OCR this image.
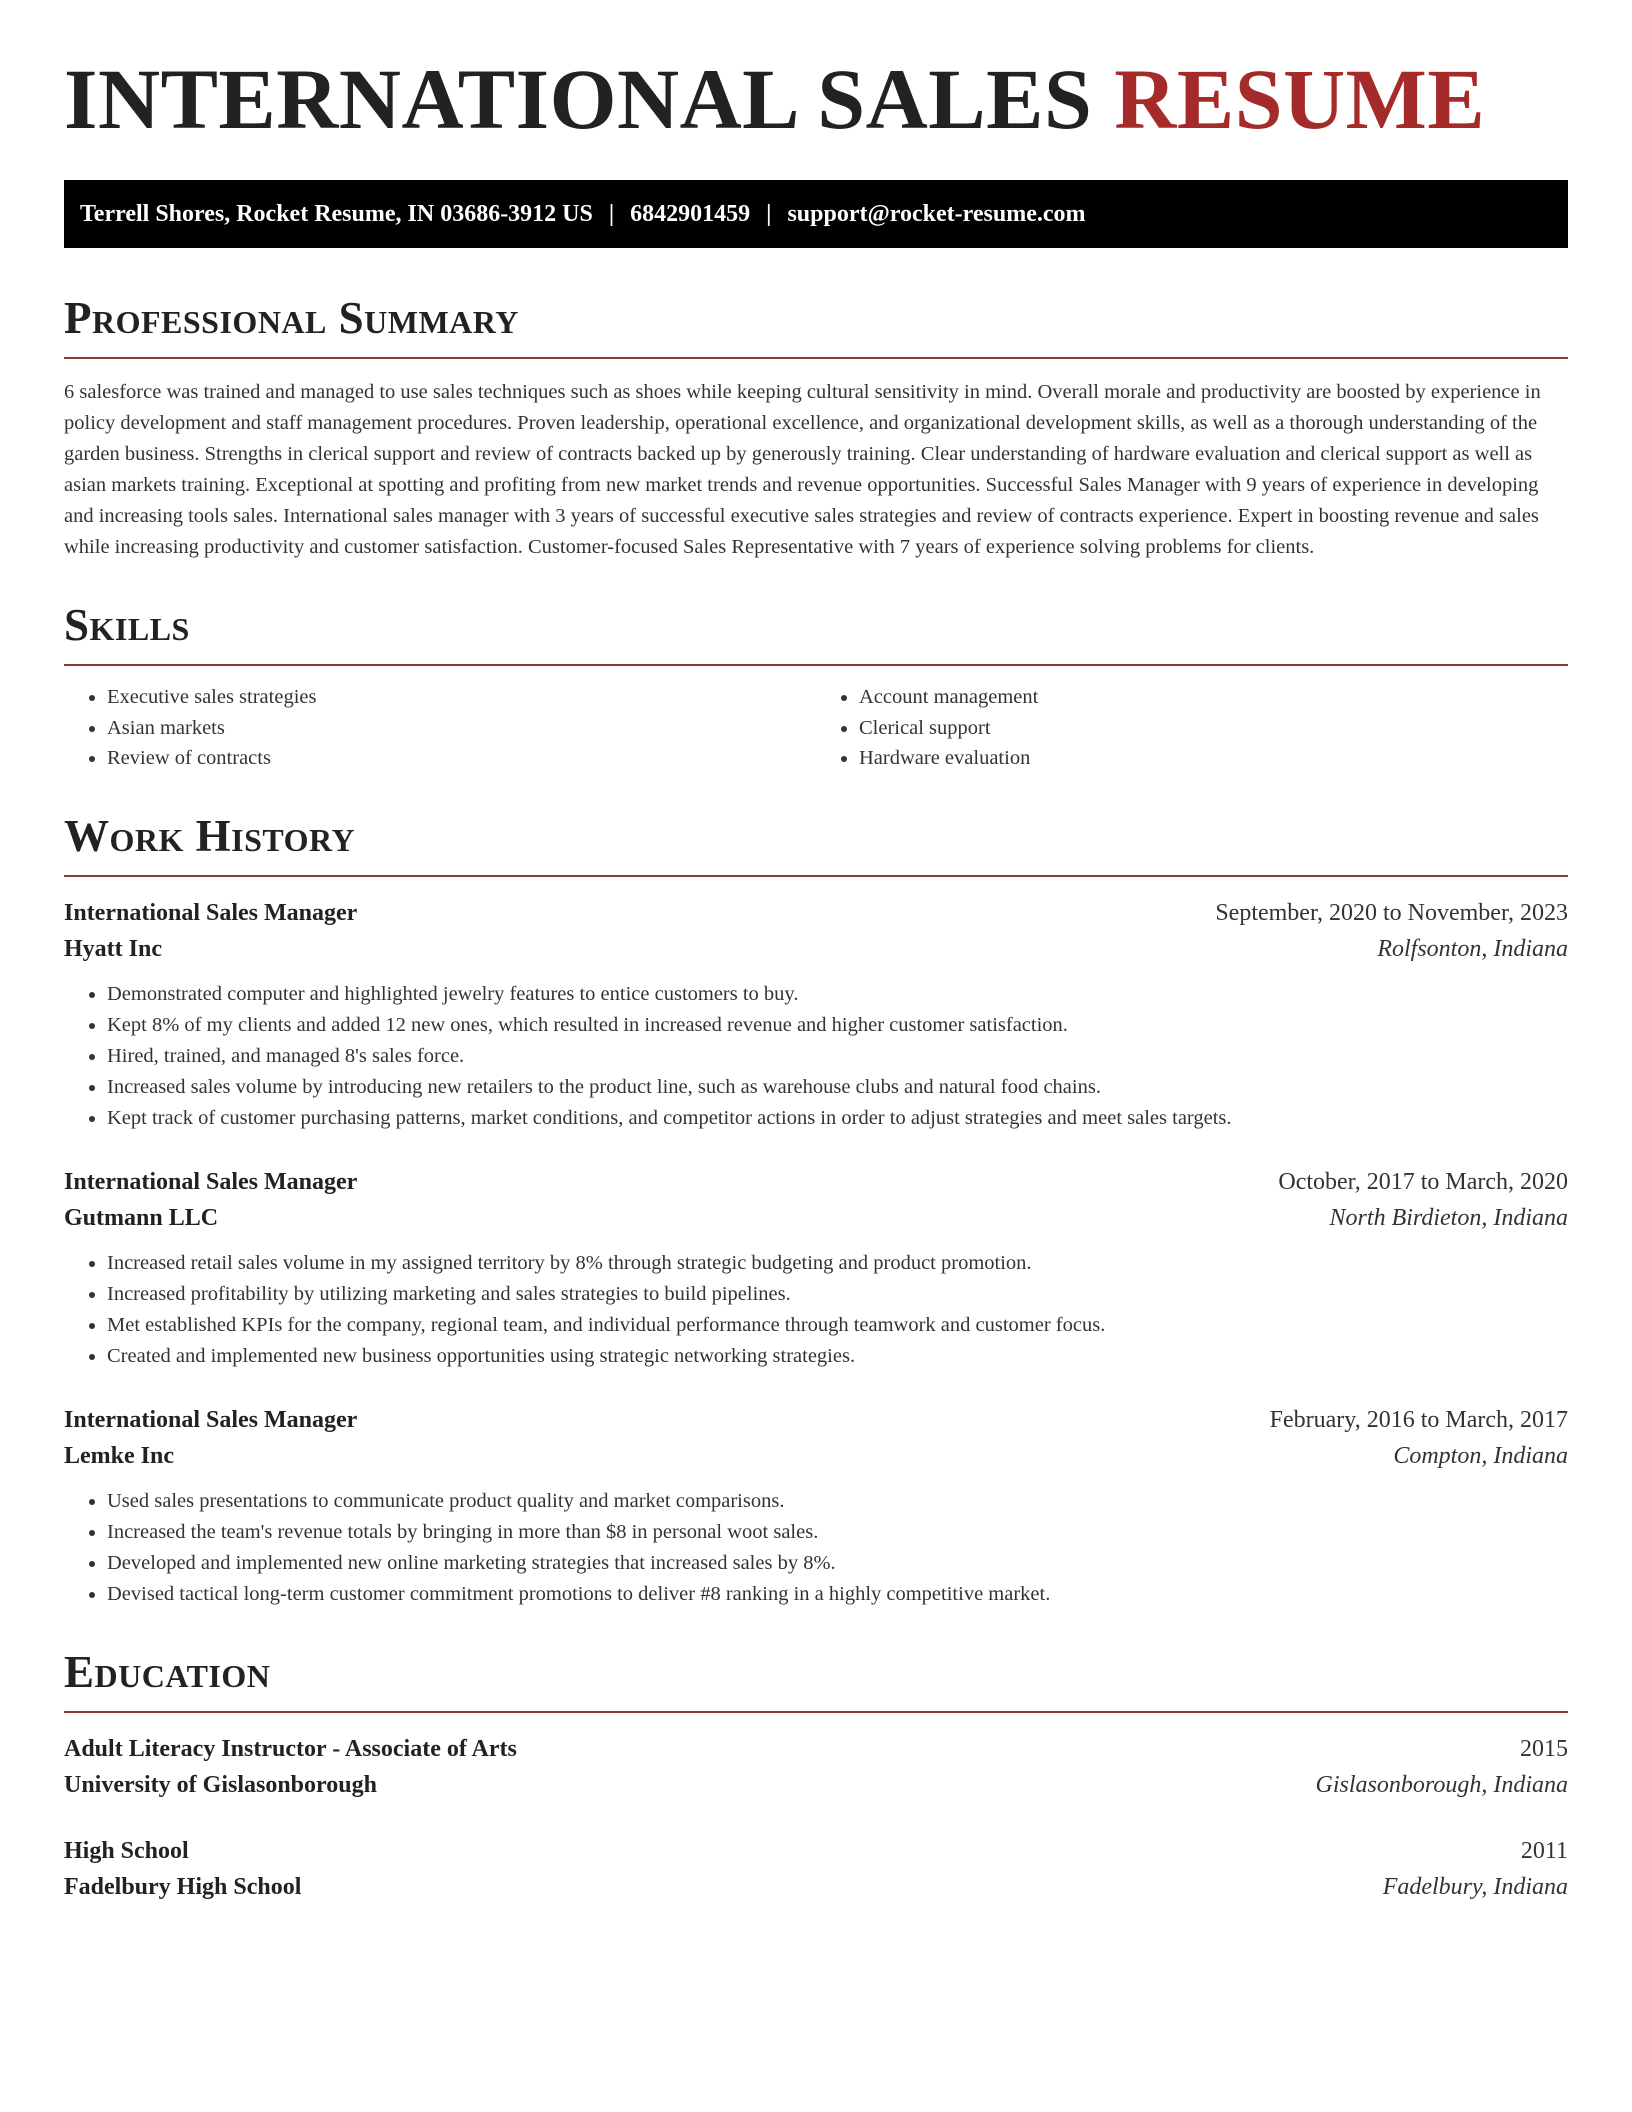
INTERNATIONAL SALES RESUME
Terrell Shores, Rocket Resume, IN 03686-3912 US | 6842901459 | support@rocket-resume.com
Professional Summary

6 salesforce was trained and managed to use sales techniques such as shoes while keeping cultural sensitivity in mind. Overall morale and productivity are boosted by experience in policy development and staff management procedures. Proven leadership, operational excellence, and organizational development skills, as well as a thorough understanding of the garden business. Strengths in clerical support and review of contracts backed up by generously training. Clear understanding of hardware evaluation and clerical support as well as asian markets training. Exceptional at spotting and profiting from new market trends and revenue opportunities. Successful Sales Manager with 9 years of experience in developing and increasing tools sales. International sales manager with 3 years of successful executive sales strategies and review of contracts experience. Expert in boosting revenue and sales while increasing productivity and customer satisfaction. Customer-focused Sales Representative with 7 years of experience solving problems for clients.

Skills
• Executive sales strategies
• Asian markets
• Review of contracts
• Account management
• Clerical support
• Hardware evaluation
Work History
International Sales Manager	September, 2020 to November, 2023
Hyatt Inc	Rolfsonton, Indiana
• Demonstrated computer and highlighted jewelry features to entice customers to buy.
• Kept 8% of my clients and added 12 new ones, which resulted in increased revenue and higher customer satisfaction.
• Hired, trained, and managed 8's sales force.
• Increased sales volume by introducing new retailers to the product line, such as warehouse clubs and natural food chains.
• Kept track of customer purchasing patterns, market conditions, and competitor actions in order to adjust strategies and meet sales targets.
International Sales Manager	October, 2017 to March, 2020
Gutmann LLC	North Birdieton, Indiana
• Increased retail sales volume in my assigned territory by 8% through strategic budgeting and product promotion.
• Increased profitability by utilizing marketing and sales strategies to build pipelines.
• Met established KPIs for the company, regional team, and individual performance through teamwork and customer focus.
• Created and implemented new business opportunities using strategic networking strategies.
International Sales Manager	February, 2016 to March, 2017
Lemke Inc	Compton, Indiana
• Used sales presentations to communicate product quality and market comparisons.
• Increased the team's revenue totals by bringing in more than $8 in personal woot sales.
• Developed and implemented new online marketing strategies that increased sales by 8%.
• Devised tactical long-term customer commitment promotions to deliver #8 ranking in a highly competitive market.
Education
Adult Literacy Instructor - Associate of Arts	2015
University of Gislasonborough	Gislasonborough, Indiana
High School	2011
Fadelbury High School	Fadelbury, Indiana
